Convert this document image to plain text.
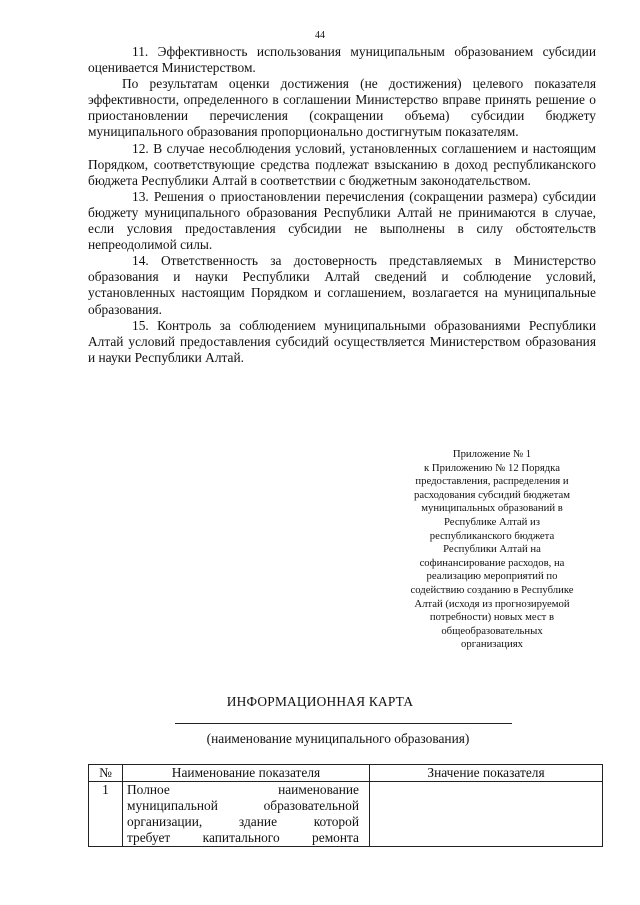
44

11. Эффективность использования муниципальным образованием субсидии оценивается Министерством.

По результатам оценки достижения (не достижения) целевого показателя эффективности, определенного в соглашении Министерство вправе принять решение о приостановлении перечисления (сокращении объема) субсидии бюджету муниципального образования пропорционально достигнутым показателям.

12. В случае несоблюдения условий, установленных соглашением и настоящим Порядком, соответствующие средства подлежат взысканию в доход республиканского бюджета Республики Алтай в соответствии с бюджетным законодательством.

13. Решения о приостановлении перечисления (сокращении размера) субсидии бюджету муниципального образования Республики Алтай не принимаются в случае, если условия предоставления субсидии не выполнены в силу обстоятельств непреодолимой силы.

14. Ответственность за достоверность представляемых в Министерство образования и науки Республики Алтай сведений и соблюдение условий, установленных настоящим Порядком и соглашением, возлагается на муниципальные образования.

15. Контроль за соблюдением муниципальными образованиями Республики Алтай условий предоставления субсидий осуществляется Министерством образования и науки Республики Алтай.

Приложение № 1
к Приложению № 12 Порядка
предоставления, распределения и
расходования субсидий бюджетам
муниципальных образований в
Республике Алтай из
республиканского бюджета
Республики Алтай на
софинансирование расходов, на
реализацию мероприятий по
содействию созданию в Республике
Алтай (исходя из прогнозируемой
потребности) новых мест в
общеобразовательных
организациях
ИНФОРМАЦИОННАЯ КАРТА
(наименование муниципального образования)
№	Наименование показателя	Значение показателя
1	Полное наименование
муниципальной образовательной
организации, здание которой
требует капитального ремонта	
